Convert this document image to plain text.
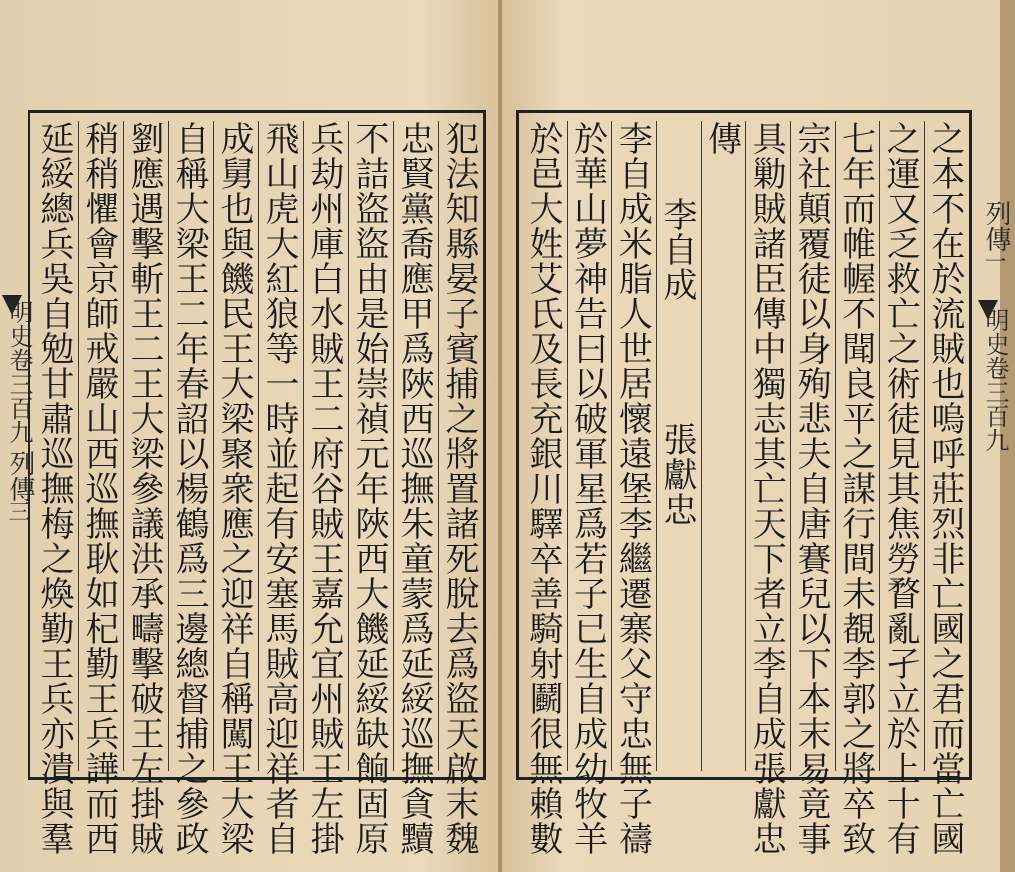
明史卷三百九
列傳
三	犯法知縣晏子賓捕之將置諸死脫去爲盜天啟末魏
忠賢黨喬應甲爲陜西巡撫朱童蒙爲延綏巡撫貪黷
不詰盜盜由是始崇禎元年陜西大饑延綏缺餉固原
兵劫州庫白水賊王二府谷賊王嘉允宜州賊王左掛
飛山虎大紅狼等一時並起有安塞馬賊高迎祥者自
成舅也與饑民王大梁聚衆應之迎祥自稱闖王大梁
自稱大梁王二年春詔以楊鶴爲三邊總督捕之參政
劉應遇擊斬王二王大梁參議洪承疇擊破王左掛賊
稍稍懼會京師戒嚴山西巡撫耿如杞勤王兵譁而西
延綏總兵吳自勉甘肅巡撫梅之煥勤王兵亦潰與羣	明史卷三百九
列傳
一
之本不在於流賊也嗚呼莊烈非亡國之君而當亡國
之運又乏救亡之術徒見其焦勞瞀亂孑立於上十有
七年而帷幄不聞良平之謀行間未覩李郭之將卒致
宗社顛覆徒以身殉悲夫自唐賽兒以下本末易竟事
具勦賊諸臣傳中獨志其亡天下者立李自成張獻忠
傳
李自成
張獻忠
李自成米脂人世居懷遠堡李繼遷寨父守忠無子禱
於華山夢神告曰以破軍星爲若子已生自成幼牧羊
於邑大姓艾氏及長充銀川驛卒善騎射鬬很無賴數
